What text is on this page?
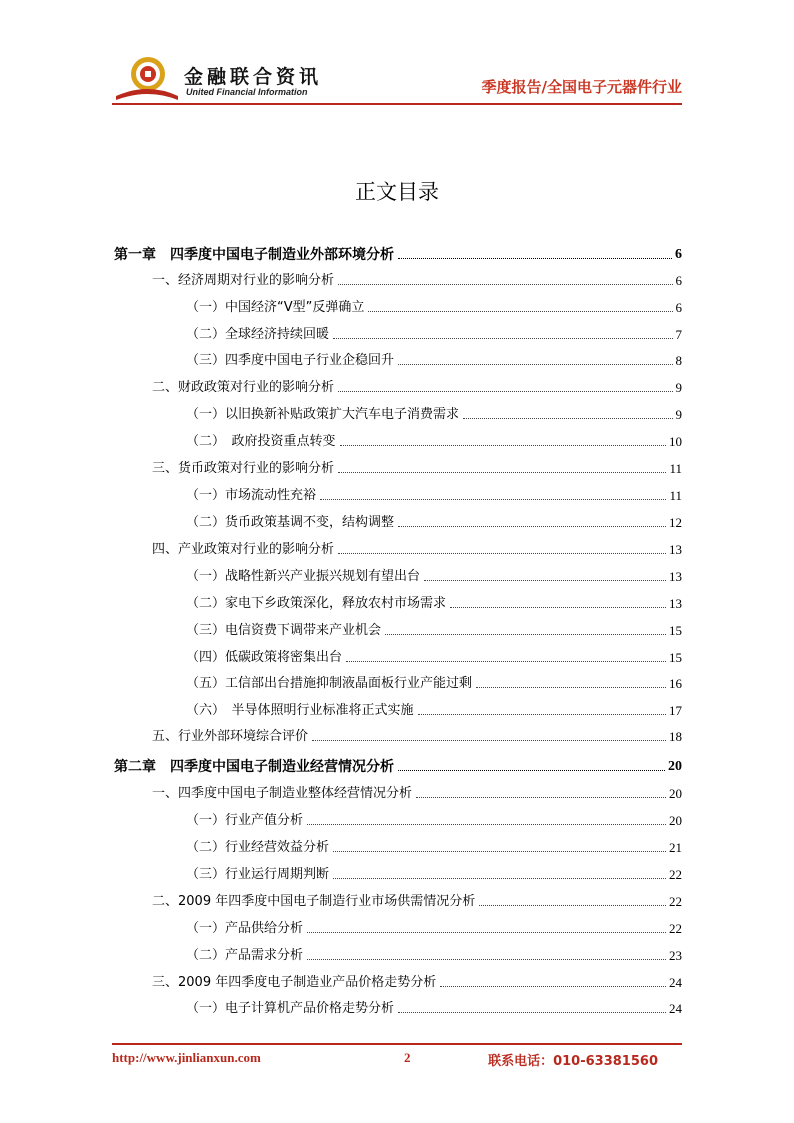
金融联合资讯
United Financial Information	季度报告/全国电子元器件行业
正文目录
第一章　四季度中国电子制造业外部环境分析	6
一、经济周期对行业的影响分析	6
（一）中国经济“V型”反弹确立	6
（二）全球经济持续回暖	7
（三）四季度中国电子行业企稳回升	8
二、财政政策对行业的影响分析	9
（一）以旧换新补贴政策扩大汽车电子消费需求	9
（二）　政府投资重点转变	10
三、货币政策对行业的影响分析	11
（一）市场流动性充裕	11
（二）货币政策基调不变，结构调整	12
四、产业政策对行业的影响分析	13
（一）战略性新兴产业振兴规划有望出台	13
（二）家电下乡政策深化，释放农村市场需求	13
（三）电信资费下调带来产业机会	15
（四）低碳政策将密集出台	15
（五）工信部出台措施抑制液晶面板行业产能过剩	16
（六）　半导体照明行业标准将正式实施	17
五、行业外部环境综合评价	18
第二章　四季度中国电子制造业经营情况分析	20
一、四季度中国电子制造业整体经营情况分析	20
（一）行业产值分析	20
（二）行业经营效益分析	21
（三）行业运行周期判断	22
二、2009 年四季度中国电子制造行业市场供需情况分析	22
（一）产品供给分析	22
（二）产品需求分析	23
三、2009 年四季度电子制造业产品价格走势分析	24
（一）电子计算机产品价格走势分析	24
http://www.jinlianxun.com	2	联系电话：010-63381560
